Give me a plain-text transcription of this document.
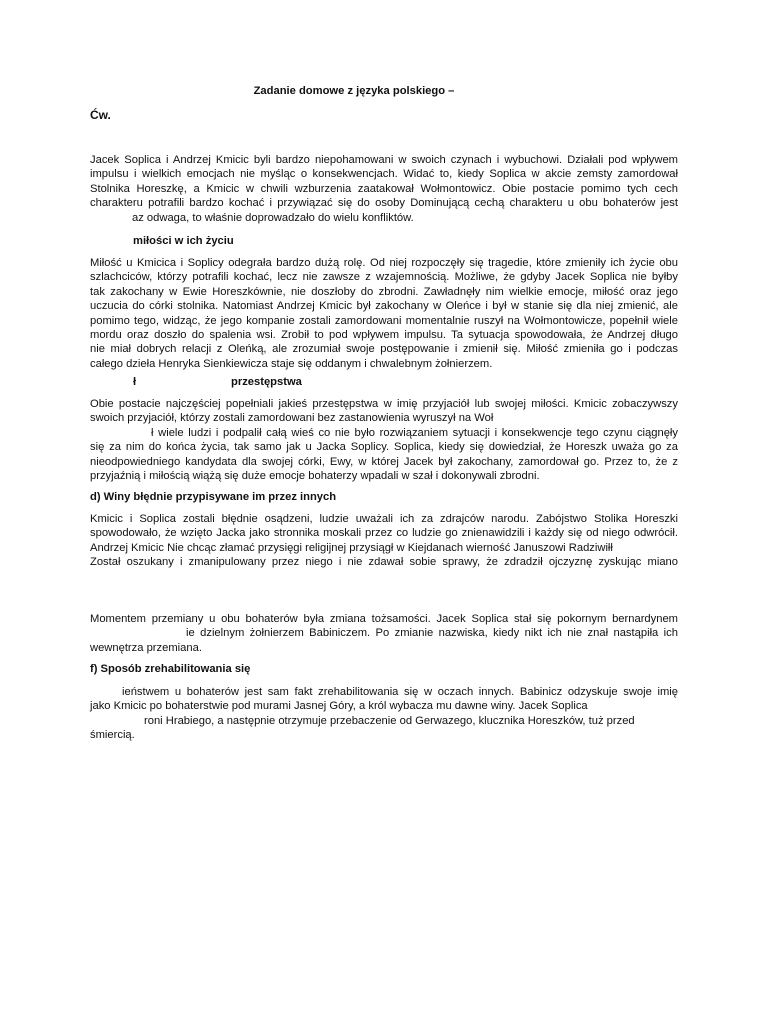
Zadanie domowe z języka polskiego –
Ćw.
Jacek Soplica i Andrzej Kmicic byli bardzo niepohamowani w swoich czynach i wybuchowi. Działali pod wpływem
impulsu i wielkich emocjach nie myśląc o konsekwencjach. Widać to, kiedy Soplica w akcie zemsty zamordował
Stolnika Horeszkę, a Kmicic w chwili wzburzenia zaatakował Wołmontowicz. Obie postacie pomimo tych cech
charakteru potrafili bardzo kochać i przywiązać się do osoby Dominującą cechą charakteru u obu bohaterów jest
az odwaga, to właśnie doprowadzało do wielu konfliktów.
miłości w ich życiu
Miłość u Kmicica i Soplicy odegrała bardzo dużą rolę. Od niej rozpoczęły się tragedie, które zmieniły ich życie obu
szlachciców, którzy potrafili kochać, lecz nie zawsze z wzajemnością. Możliwe, że gdyby Jacek Soplica nie byłby
tak zakochany w Ewie Horeszkównie, nie doszłoby do zbrodni. Zawładnęły nim wielkie emocje, miłość oraz jego
uczucia do córki stolnika. Natomiast Andrzej Kmicic był zakochany w Oleńce i był w stanie się dla niej zmienić, ale
pomimo tego, widząc, że jego kompanie zostali zamordowani momentalnie ruszył na Wołmontowicze, popełnił wiele
mordu oraz doszło do spalenia wsi. Zrobił to pod wpływem impulsu. Ta sytuacja spowodowała, że Andrzej długo
nie miał dobrych relacji z Oleńką, ale zrozumiał swoje postępowanie i zmienił się. Miłość zmieniła go i podczas
całego dzieła Henryka Sienkiewicza staje się oddanym i chwalebnym żołnierzem.
ł	przestępstwa
Obie postacie najczęściej popełniali jakieś przestępstwa w imię przyjaciół lub swojej miłości. Kmicic zobaczywszy
swoich przyjaciół, którzy zostali zamordowani bez zastanowienia wyruszył na Woł
ł wiele ludzi i podpalił całą wieś co nie było rozwiązaniem sytuacji i konsekwencje tego czynu ciągnęły
się za nim do końca życia, tak samo jak u Jacka Soplicy. Soplica, kiedy się dowiedział, że Horeszk uważa go za
nieodpowiedniego kandydata dla swojej córki, Ewy, w której Jacek był zakochany, zamordował go. Przez to, że z
przyjaźnią i miłością wiążą się duże emocje bohaterzy wpadali w szał i dokonywali zbrodni.
d) Winy błędnie przypisywane im przez innych
Kmicic i Soplica zostali błędnie osądzeni, ludzie uważali ich za zdrajców narodu. Zabójstwo Stolika Horeszki
spowodowało, że wzięto Jacka jako stronnika moskali przez co ludzie go znienawidzili i każdy się od niego odwrócił.
Andrzej Kmicic Nie chcąc złamać przysięgi religijnej przysiągł w Kiejdanach wierność Januszowi Radziwiłł
Został oszukany i zmanipulowany przez niego i nie zdawał sobie sprawy, że zdradził ojczyznę zyskując miano
Momentem przemiany u obu bohaterów była zmiana tożsamości. Jacek Soplica stał się pokornym bernardynem
ie dzielnym żołnierzem Babiniczem. Po zmianie nazwiska, kiedy nikt ich nie znał nastąpiła ich
wewnętrza przemiana.
f) Sposób zrehabilitowania się
ieństwem u bohaterów jest sam fakt zrehabilitowania się w oczach innych. Babinicz odzyskuje swoje imię
jako Kmicic po bohaterstwie pod murami Jasnej Góry, a król wybacza mu dawne winy. Jacek Soplica
roni Hrabiego, a następnie otrzymuje przebaczenie od Gerwazego, klucznika Horeszków, tuż przed
śmiercią.
